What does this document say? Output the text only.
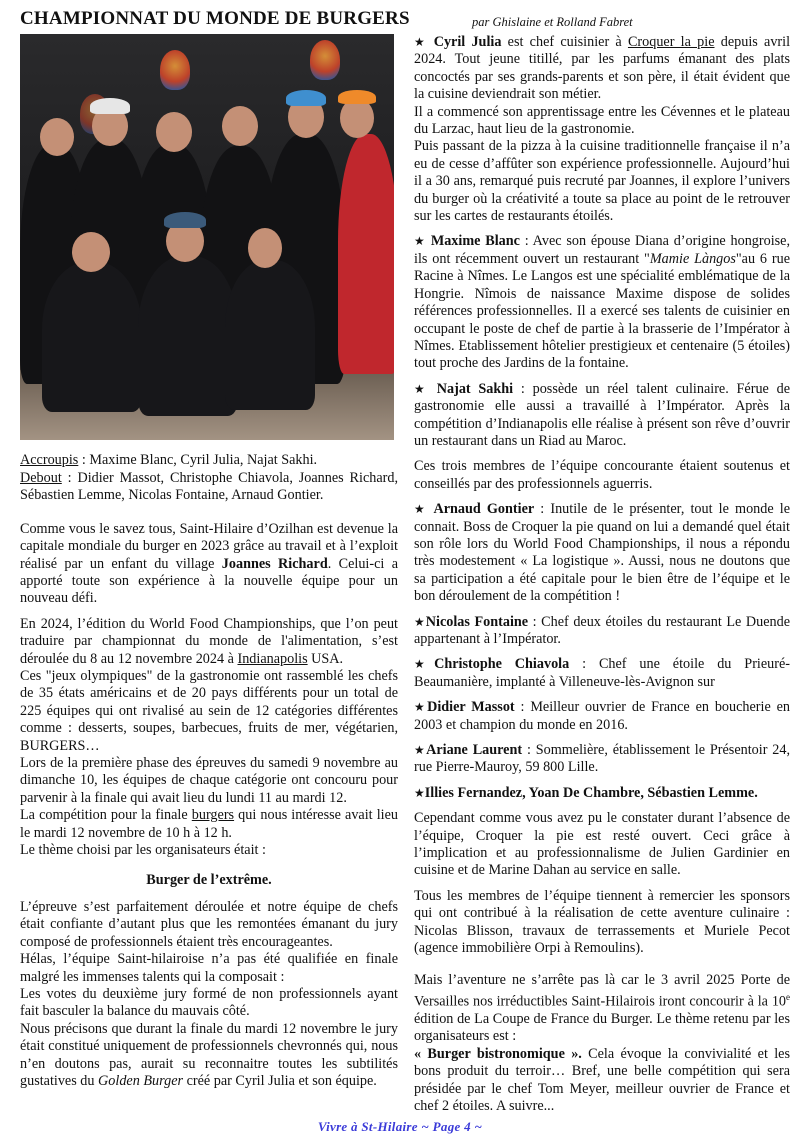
CHAMPIONNAT DU MONDE DE BURGERS	par Ghislaine et Rolland Fabret
Accroupis : Maxime Blanc, Cyril Julia, Najat Sakhi.
Debout : Didier Massot, Christophe Chiavola, Joannes Richard, Sébastien Lemme, Nicolas Fontaine, Arnaud Gontier.

Comme vous le savez tous, Saint-Hilaire d’Ozilhan est devenue la capitale mondiale du burger en 2023 grâce au travail et à l’exploit réalisé par un enfant du village Joannes Richard. Celui-ci a apporté toute son expérience à la nouvelle équipe pour un nouveau défi.

En 2024, l’édition du World Food Championships, que l’on peut traduire par championnat du monde de l'alimentation, s’est déroulée du 8 au 12 novembre 2024 à Indianapolis USA.

Ces "jeux olympiques" de la gastronomie ont rassemblé les chefs de 35 états américains et de 20 pays différents pour un total de 225 équipes qui ont rivalisé au sein de 12 catégories différentes comme : desserts, soupes, barbecues, fruits de mer, végétarien, BURGERS…

Lors de la première phase des épreuves du samedi 9 novembre au dimanche 10, les équipes de chaque catégorie ont concouru pour parvenir à la finale qui avait lieu du lundi 11 au mardi 12.

La compétition pour la finale burgers qui nous intéresse avait lieu le mardi 12 novembre de 10 h à 12 h.

Le thème choisi par les organisateurs était :

Burger de l’extrême.

L’épreuve s’est parfaitement déroulée et notre équipe de chefs était confiante d’autant plus que les remontées émanant du jury composé de professionnels étaient très encourageantes.

Hélas, l’équipe Saint-hilairoise n’a pas été qualifiée en finale malgré les immenses talents qui la composait :

Les votes du deuxième jury formé de non professionnels ayant fait basculer la balance du mauvais côté.

Nous précisons que durant la finale du mardi 12 novembre le jury était constitué uniquement de professionnels chevronnés qui, nous n’en doutons pas, aurait su reconnaitre toutes les subtilités gustatives du Golden Burger créé par Cyril Julia et son équipe.

★ Cyril Julia est chef cuisinier à Croquer la pie depuis avril 2024. Tout jeune titillé, par les parfums émanant des plats concoctés par ses grands-parents et son père, il était évident que la cuisine deviendrait son métier.

Il a commencé son apprentissage entre les Cévennes et le plateau du Larzac, haut lieu de la gastronomie.

Puis passant de la pizza à la cuisine traditionnelle française il n’a eu de cesse d’affûter son expérience professionnelle. Aujourd’hui il a 30 ans, remarqué puis recruté par Joannes, il explore l’univers du burger où la créativité a toute sa place au point de le retrouver sur les cartes de restaurants étoilés.

★ Maxime Blanc : Avec son épouse Diana d’origine hongroise, ils ont récemment ouvert un restaurant "Mamie Làngos"au 6 rue Racine à Nîmes. Le Langos est une spécialité emblématique de la Hongrie. Nîmois de naissance Maxime dispose de solides références professionnelles. Il a exercé ses talents de cuisinier en occupant le poste de chef de partie à la brasserie de l’Impérator à Nîmes. Etablissement hôtelier prestigieux et centenaire (5 étoiles) tout proche des Jardins de la fontaine.

★ Najat Sakhi : possède un réel talent culinaire. Férue de gastronomie elle aussi a travaillé à l’Impérator. Après la compétition d’Indianapolis elle réalise à présent son rêve d’ouvrir un restaurant dans un Riad au Maroc.

Ces trois membres de l’équipe concourante étaient soutenus et conseillés par des professionnels aguerris.

★ Arnaud Gontier : Inutile de le présenter, tout le monde le connait. Boss de Croquer la pie quand on lui a demandé quel était son rôle lors du World Food Championships, il nous a répondu très modestement « La logistique ». Aussi, nous ne doutons que sa participation a été capitale pour le bien être de l’équipe et le bon déroulement de la compétition !

★Nicolas Fontaine : Chef deux étoiles du restaurant Le Duende appartenant à l’Impérator.

★Christophe Chiavola : Chef une étoile du Prieuré-Beaumanière, implanté à Villeneuve-lès-Avignon sur

★Didier Massot : Meilleur ouvrier de France en boucherie en 2003 et champion du monde en 2016.

★Ariane Laurent : Sommelière, établissement le Présentoir 24, rue Pierre-Mauroy, 59 800 Lille.

★Illies Fernandez, Yoan De Chambre, Sébastien Lemme.

Cependant comme vous avez pu le constater durant l’absence de l’équipe, Croquer la pie est resté ouvert. Ceci grâce à l’implication et au professionnalisme de Julien Gardinier en cuisine et de Marine Dahan au service en salle.

Tous les membres de l’équipe tiennent à remercier les sponsors qui ont contribué à la réalisation de cette aventure culinaire : Nicolas Blisson, travaux de terrassements et Muriele Pecot (agence immobilière Orpi à Remoulins).

Mais l’aventure ne s’arrête pas là car le 3 avril 2025 Porte de Versailles nos irréductibles Saint-Hilairois iront concourir à la 10e édition de La Coupe de France du Burger. Le thème retenu par les organisateurs est :

« Burger bistronomique ». Cela évoque la convivialité et les bons produit du terroir… Bref, une belle compétition qui sera présidée par le chef Tom Meyer, meilleur ouvrier de France et chef 2 étoiles. A suivre...

Vivre à St-Hilaire ~ Page 4 ~
